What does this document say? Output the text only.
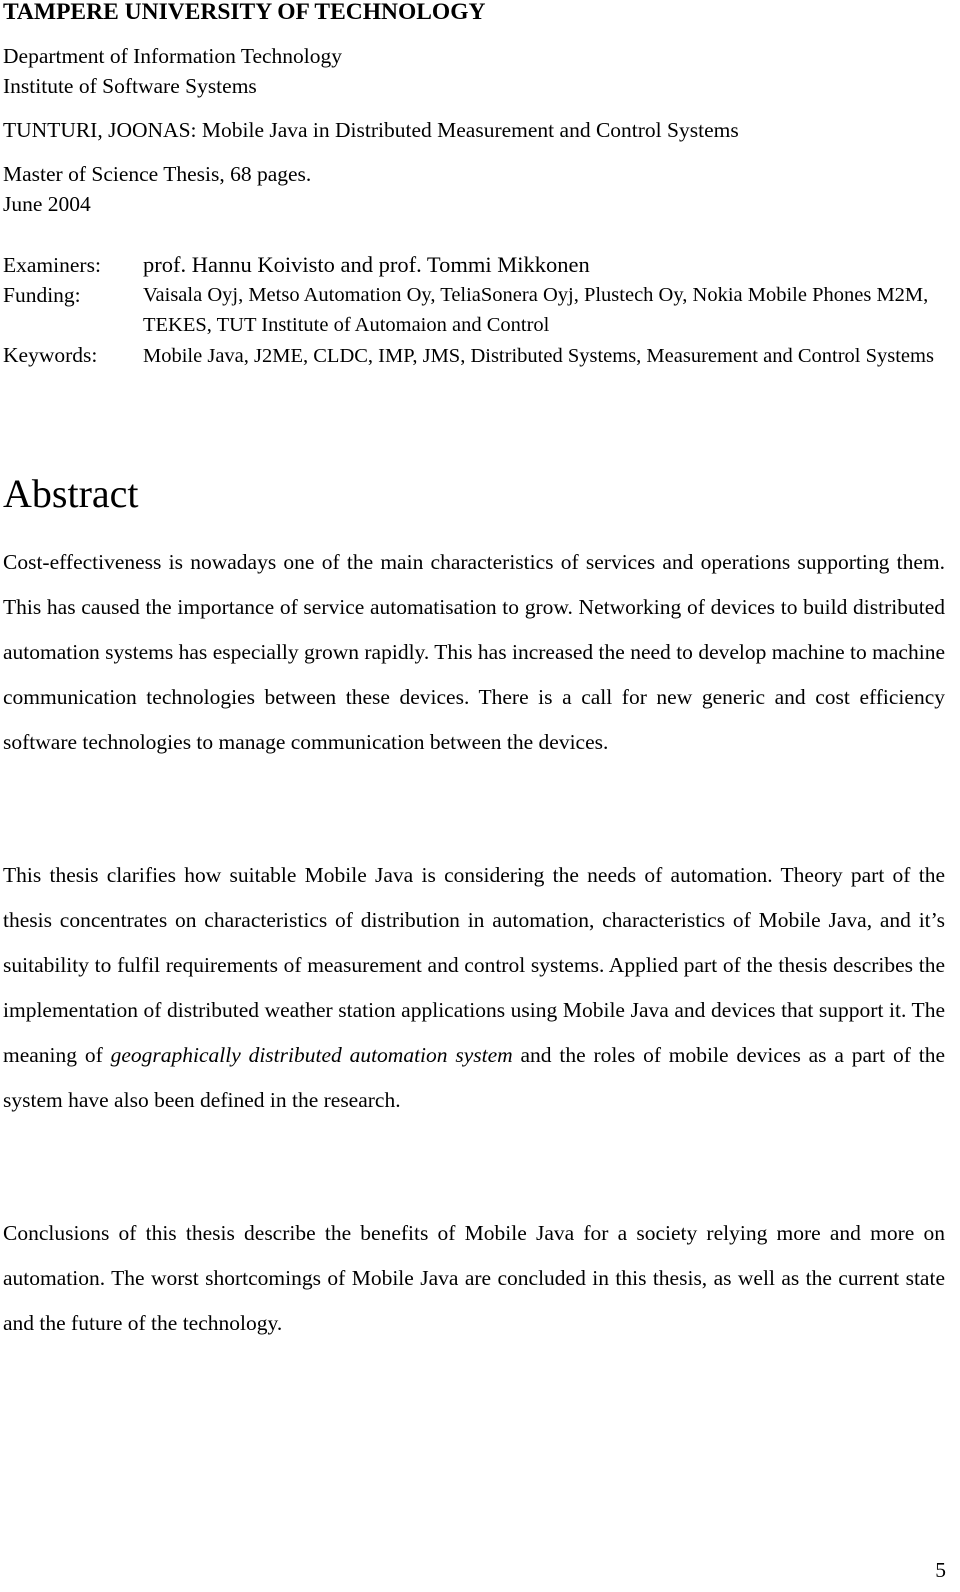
TAMPERE UNIVERSITY OF TECHNOLOGY
Department of Information Technology
Institute of Software Systems
TUNTURI, JOONAS: Mobile Java in Distributed Measurement and Control Systems
Master of Science Thesis, 68 pages.
June 2004
Examiners: prof. Hannu Koivisto and prof. Tommi Mikkonen
Funding:	Vaisala Oyj, Metso Automation Oy, TeliaSonera Oyj, Plustech Oy, Nokia Mobile Phones M2M, TEKES, TUT Institute of Automaion and Control
Keywords: Mobile Java, J2ME, CLDC, IMP, JMS, Distributed Systems, Measurement and Control Systems
Abstract
Cost-effectiveness is nowadays one of the main characteristics of services and operations supporting them. This has caused the importance of service automatisation to grow. Networking of devices to build distributed automation systems has especially grown rapidly. This has increased the need to develop machine to machine communication technologies between these devices. There is a call for new generic and cost efficiency software technologies to manage communication between the devices.
This thesis clarifies how suitable Mobile Java is considering the needs of automation. Theory part of the thesis concentrates on characteristics of distribution in automation, characteristics of Mobile Java, and it’s suitability to fulfil requirements of measurement and control systems. Applied part of the thesis describes the implementation of distributed weather station applications using Mobile Java and devices that support it. The meaning of geographically distributed automation system and the roles of mobile devices as a part of the system have also been defined in the research.
Conclusions of this thesis describe the benefits of Mobile Java for a society relying more and more on automation. The worst shortcomings of Mobile Java are concluded in this thesis, as well as the current state and the future of the technology.
5
